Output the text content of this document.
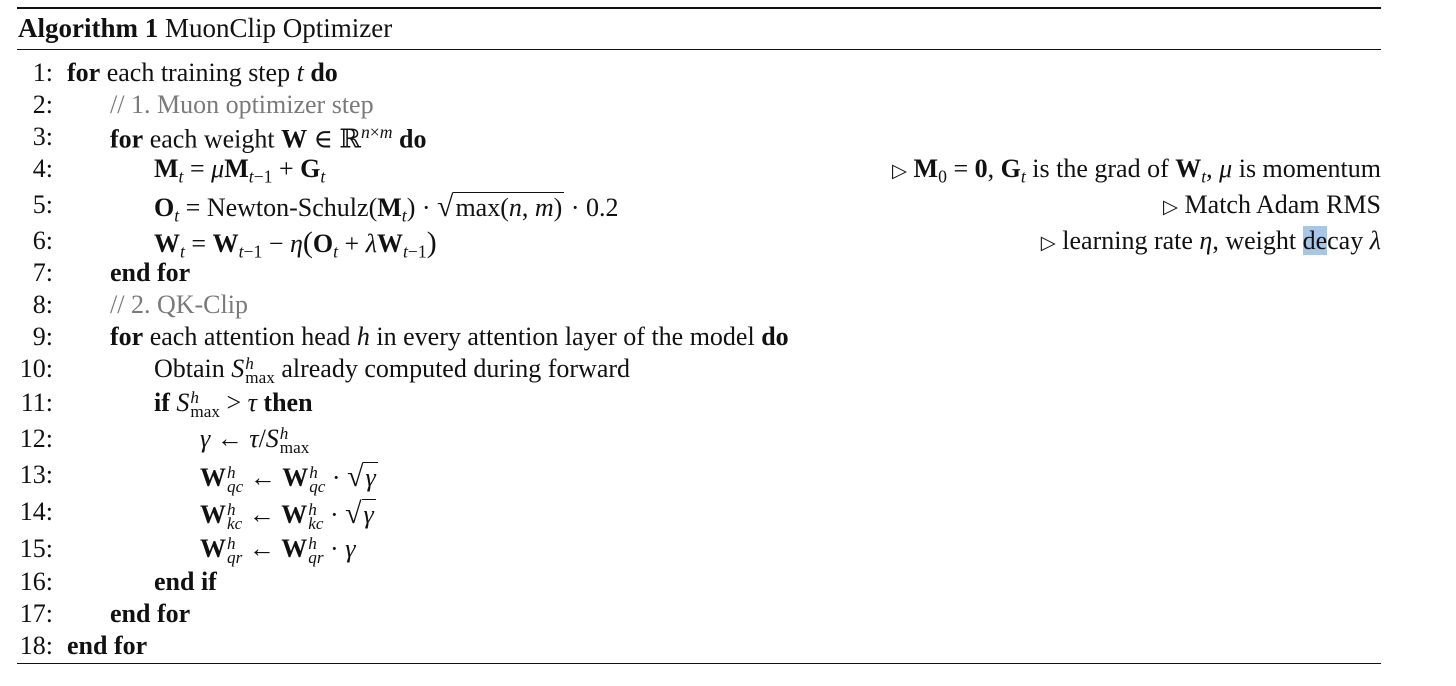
Algorithm 1 MuonClip Optimizer
1: for each training step t do
2: // 1. Muon optimizer step
3: for each weight W ∈ ℝ$^{n\times m}$ do
4:	$M_t = \mu M_{t-1} + G_t$	▷ $M_0 = 0$, $G_t$ is the grad of $W_t$, μ is momentum
5:	$O_t$ = Newton-$Schulz(M_t) \cdot √\max(n$, m) · 0.2	▷ Match Adam RMS
6:	$W_t = W_{t-1} - \eta(O_t + \lambda W_{t-1})$	▷ learning rate η, weight decay λ
7: end for
8: // 2. QK-Clip
9: for each attention head h in every attention layer of the model do
10:	Obtain S h
max already computed during forward
11:	if S h
max > τ then
12:	γ ← τ/S h
max
13:	W h
qc ← W h
qc · √γ
14:	W h
kc ← W h
kc · √γ
15:	W h
qr ← W h
qr · γ
16:	end if
17: end for
18: end for
